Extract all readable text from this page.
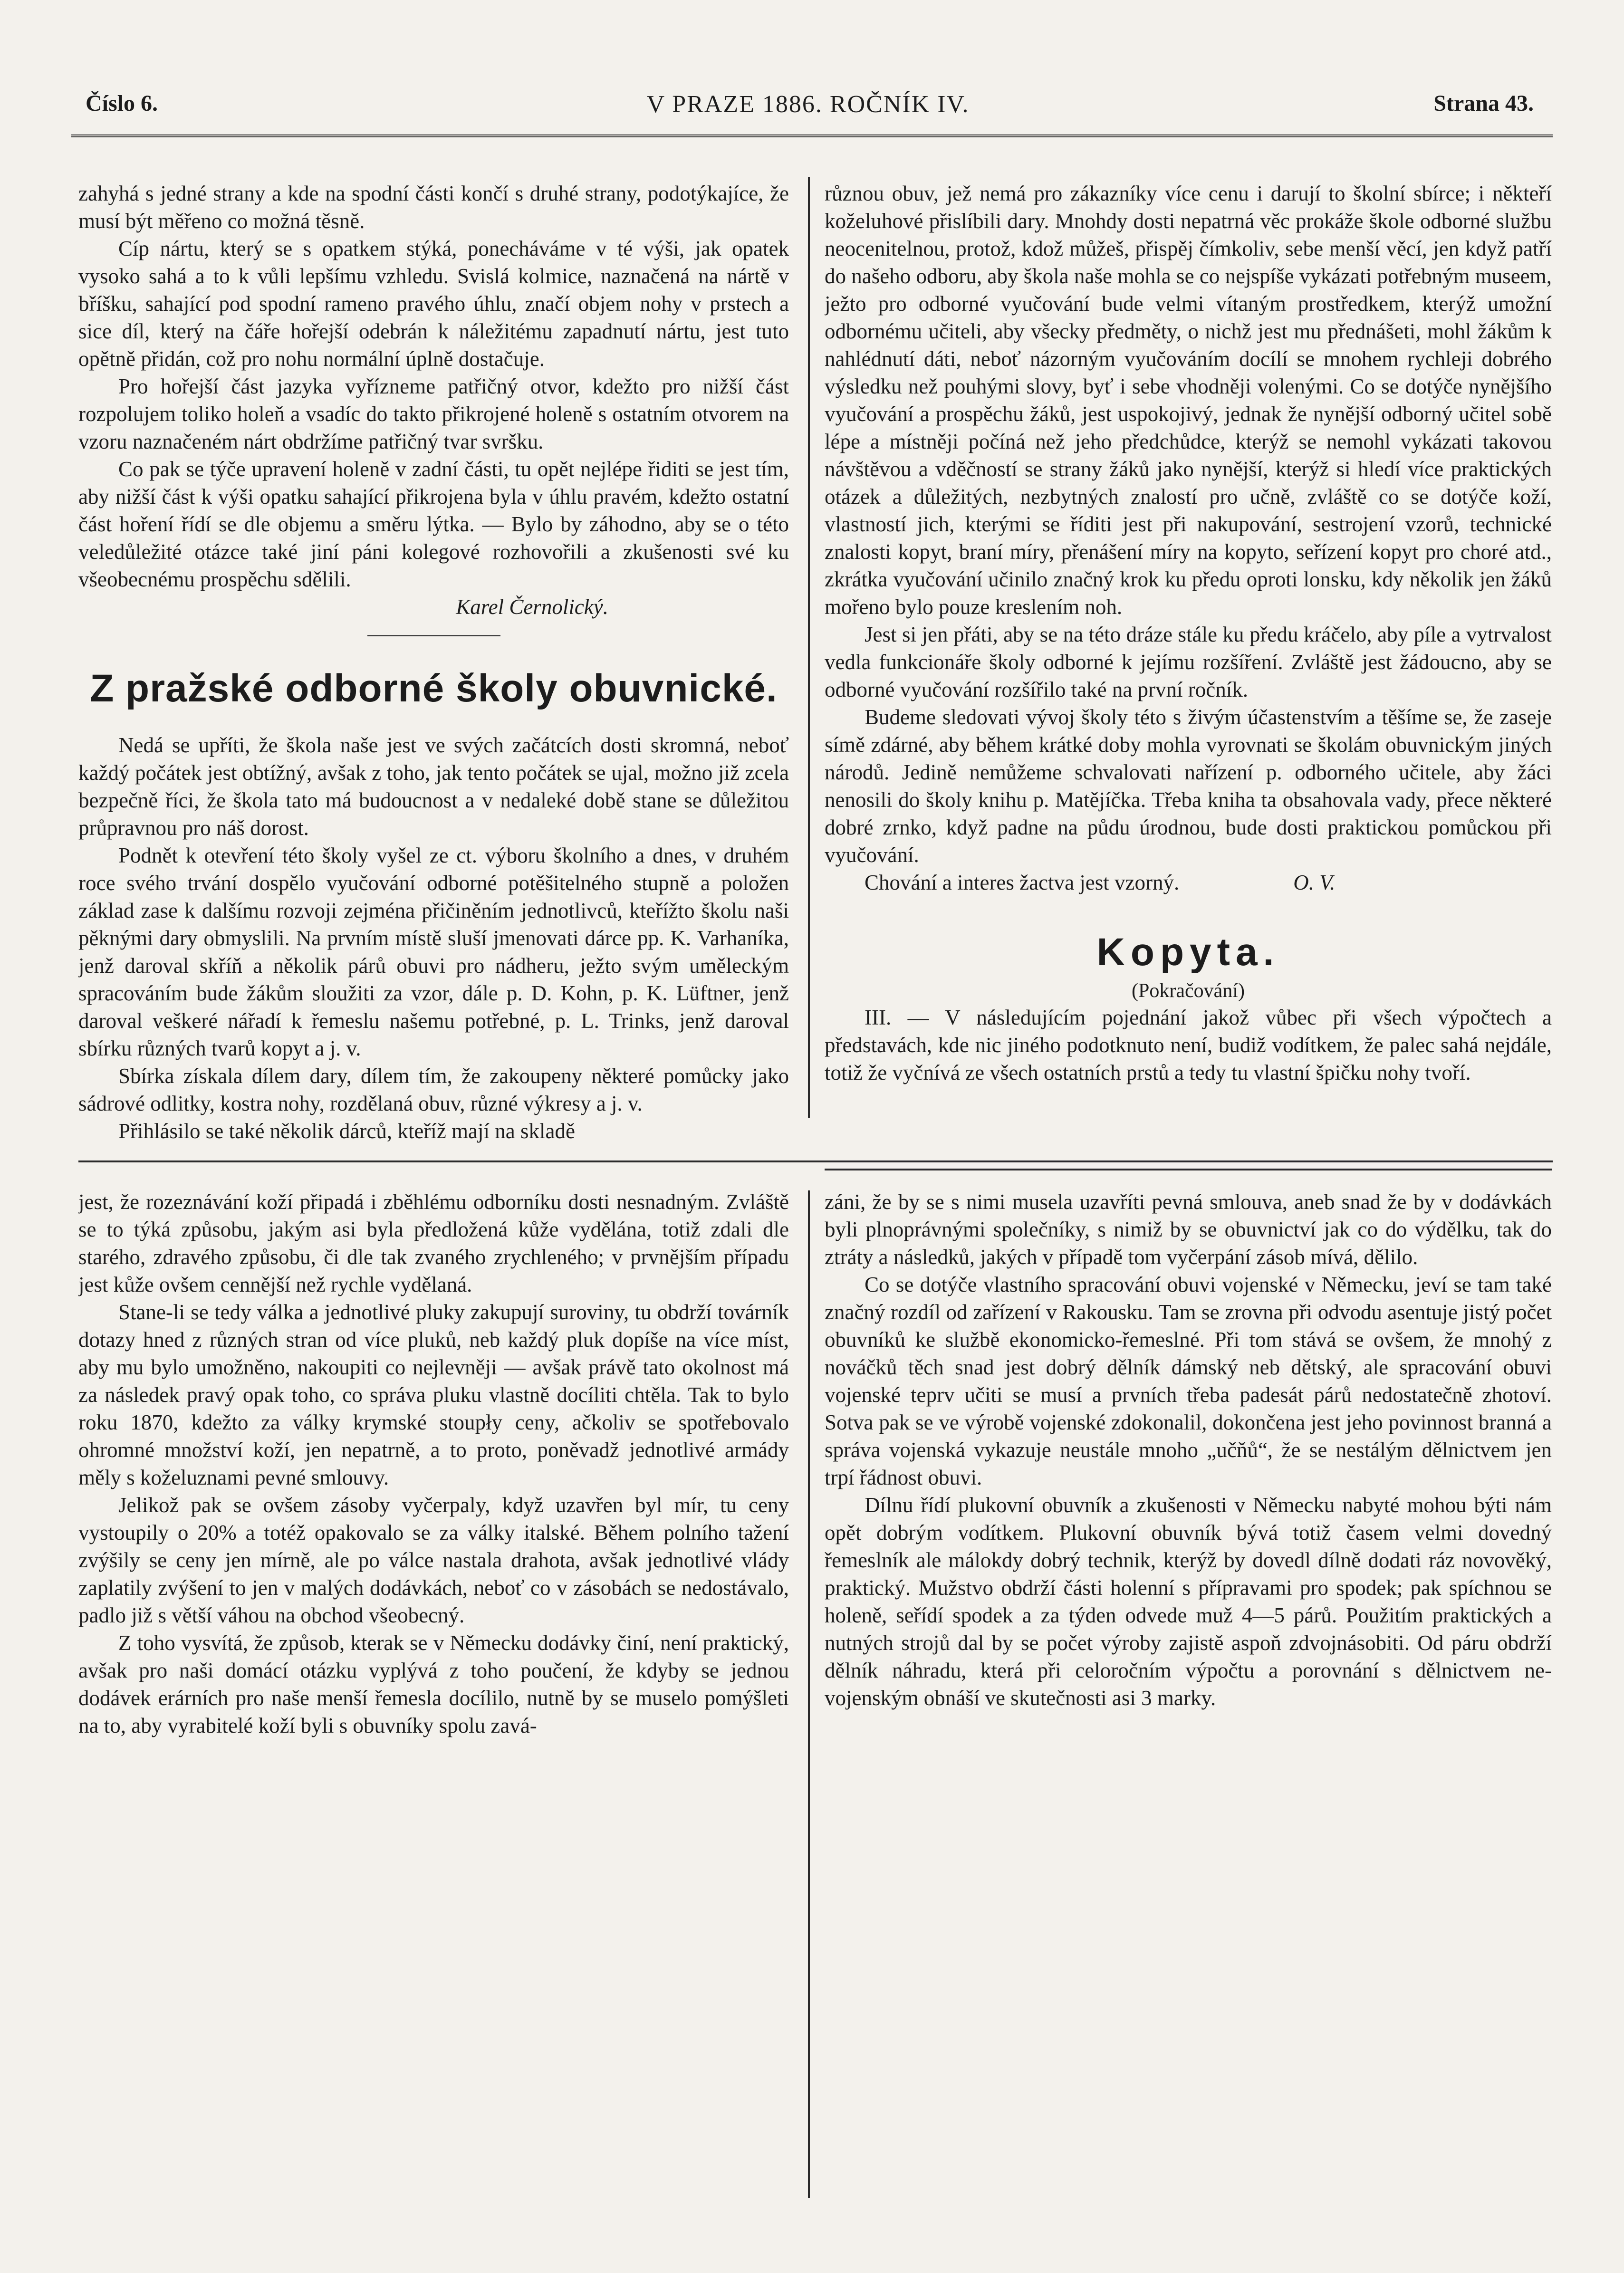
Číslo 6.	V PRAZE 1886. ROČNÍK IV.	Strana 43.

zahyhá s jedné strany a kde na spodní části končí s druhé strany, podotýkajíce, že musí být měřeno co možná těsně.

Cíp nártu, který se s opatkem stýká, ponecháváme v té výši, jak opatek vysoko sahá a to k vůli lepšímu vzhledu. Svislá kolmice, naznačená na nártě v bříšku, sahající pod spodní rameno pravého úhlu, značí objem nohy v prstech a sice díl, který na čáře hořejší odebrán k náležitému zapadnutí nártu, jest tuto opětně přidán, což pro nohu normální úplně dostačuje.

Pro hořejší část jazyka vyřízneme patřičný otvor, kdežto pro nižší část rozpolujem toliko holeň a vsadíc do takto přikrojené holeně s ostatním otvorem na vzoru naznačeném nárt obdržíme patřičný tvar svršku.

Co pak se týče upravení holeně v zadní části, tu opět nejlépe řiditi se jest tím, aby nižší část k výši opatku sahající přikrojena byla v úhlu pravém, kdežto ostatní část hoření řídí se dle objemu a směru lýtka. — Bylo by záhodno, aby se o této veledůležité otázce také jiní páni kolegové rozhovořili a zkušenosti své ku všeobecnému prospěchu sdělili.

Karel Černolický.

Z pražské odborné školy obuvnické.

Nedá se upříti, že škola naše jest ve svých začátcích dosti skromná, neboť každý počátek jest obtížný, avšak z toho, jak tento počátek se ujal, možno již zcela bezpečně říci, že škola tato má budoucnost a v nedaleké době stane se důležitou průpravnou pro náš dorost.

Podnět k otevření této školy vyšel ze ct. výboru školního a dnes, v druhém roce svého trvání dospělo vyučování odborné potěšitelného stupně a položen základ zase k dalšímu rozvoji zejména přičiněním jednotlivců, kteřížto školu naši pěknými dary obmyslili. Na prvním místě sluší jmenovati dárce pp. K. Varhaníka, jenž daroval skříň a několik párů obuvi pro nádheru, ježto svým uměleckým spracováním bude žákům sloužiti za vzor, dále p. D. Kohn, p. K. Lüftner, jenž daroval veškeré nářadí k řemeslu našemu potřebné, p. L. Trinks, jenž daroval sbírku různých tvarů kopyt a j. v.

Sbírka získala dílem dary, dílem tím, že zakoupeny některé pomůcky jako sádrové odlitky, kostra nohy, rozdělaná obuv, různé výkresy a j. v.

Přihlásilo se také několik dárců, kteříž mají na skladě

různou obuv, jež nemá pro zákazníky více cenu i darují to školní sbírce; i někteří koželuhové přislíbili dary. Mnohdy dosti nepatrná věc prokáže škole odborné službu neocenitelnou, protož, kdož můžeš, přispěj čímkoliv, sebe menší věcí, jen když patří do našeho odboru, aby škola naše mohla se co nejspíše vykázati potřebným museem, ježto pro odborné vyučování bude velmi vítaným prostředkem, kterýž umožní odbornému učiteli, aby všecky předměty, o nichž jest mu přednášeti, mohl žákům k nahlédnutí dáti, neboť názorným vyučováním docílí se mnohem rychleji dobrého výsledku než pouhými slovy, byť i sebe vhodněji volenými. Co se dotýče nynějšího vyučování a prospěchu žáků, jest uspokojivý, jednak že nynější odborný učitel sobě lépe a místněji počíná než jeho předchůdce, kterýž se nemohl vykázati takovou návštěvou a vděčností se strany žáků jako nynější, kterýž si hledí více praktických otázek a důležitých, nezbytných znalostí pro učně, zvláště co se dotýče koží, vlastností jich, kterými se říditi jest při nakupování, sestrojení vzorů, technické znalosti kopyt, braní míry, přenášení míry na kopyto, seřízení kopyt pro choré atd., zkrátka vyučování učinilo značný krok ku předu oproti lonsku, kdy několik jen žáků mořeno bylo pouze kreslením noh.

Jest si jen přáti, aby se na této dráze stále ku předu kráčelo, aby píle a vytrvalost vedla funkcionáře školy odborné k jejímu rozšíření. Zvláště jest žádoucno, aby se odborné vyučování rozšířilo také na první ročník.

Budeme sledovati vývoj školy této s živým účastenstvím a těšíme se, že zaseje símě zdárné, aby během krátké doby mohla vyrovnati se školám obuvnickým jiných národů. Jedině nemůžeme schvalovati nařízení p. odborného učitele, aby žáci nenosili do školy knihu p. Matějíčka. Třeba kniha ta obsahovala vady, přece některé dobré zrnko, když padne na půdu úrodnou, bude dosti praktickou pomůckou při vyučování.

Chování a interes žactva jest vzorný.	O. V.

Kopyta.

(Pokračování)

III. — V následujícím pojednání jakož vůbec při všech výpočtech a představách, kde nic jiného podotknuto není, budiž vodítkem, že palec sahá nejdále, totiž že vyčnívá ze všech ostatních prstů a tedy tu vlastní špičku nohy tvoří.

jest, že rozeznávání koží připadá i zběhlému odborníku dosti nesnadným. Zvláště se to týká způsobu, jakým asi byla předložená kůže vydělána, totiž zdali dle starého, zdravého způsobu, či dle tak zvaného zrychleného; v prvnějším případu jest kůže ovšem cennější než rychle vydělaná.

Stane-li se tedy válka a jednotlivé pluky zakupují suroviny, tu obdrží továrník dotazy hned z různých stran od více pluků, neb každý pluk dopíše na více míst, aby mu bylo umožněno, nakoupiti co nejlevněji — avšak právě tato okolnost má za následek pravý opak toho, co správa pluku vlastně docíliti chtěla. Tak to bylo roku 1870, kdežto za války krymské stoupły ceny, ačkoliv se spotřebovalo ohromné množství koží, jen nepatrně, a to proto, poněvadž jednotlivé armády měly s koželuznami pevné smlouvy.

Jelikož pak se ovšem zásoby vyčerpaly, když uzavřen byl mír, tu ceny vystoupily o 20% a totéž opakovalo se za války italské. Během polního tažení zvýšily se ceny jen mírně, ale po válce nastala drahota, avšak jednotlivé vlády zaplatily zvýšení to jen v malých dodávkách, neboť co v zásobách se nedostávalo, padlo již s větší váhou na obchod všeobecný.

Z toho vysvítá, že způsob, kterak se v Německu dodávky činí, není praktický, avšak pro naši domácí otázku vyplývá z toho poučení, že kdyby se jednou dodávek erárních pro naše menší řemesla docílilo, nutně by se muselo pomýšleti na to, aby vyrabitelé koží byli s obuvníky spolu zavá-

záni, že by se s nimi musela uzavříti pevná smlouva, aneb snad že by v dodávkách byli plnoprávnými společníky, s nimiž by se obuvnictví jak co do výdělku, tak do ztráty a následků, jakých v případě tom vyčerpání zásob mívá, dělilo.

Co se dotýče vlastního spracování obuvi vojenské v Německu, jeví se tam také značný rozdíl od zařízení v Rakousku. Tam se zrovna při odvodu asentuje jistý počet obuvníků ke službě ekonomicko-řemeslné. Při tom stává se ovšem, že mnohý z nováčků těch snad jest dobrý dělník dámský neb dětský, ale spracování obuvi vojenské teprv učiti se musí a prvních třeba padesát párů nedostatečně zhotoví. Sotva pak se ve výrobě vojenské zdokonalil, dokončena jest jeho povinnost branná a správa vojenská vykazuje neustále mnoho „učňů“, že se nestálým dělnictvem jen trpí řádnost obuvi.

Dílnu řídí plukovní obuvník a zkušenosti v Německu nabyté mohou býti nám opět dobrým vodítkem. Plukovní obuvník bývá totiž časem velmi dovedný řemeslník ale málokdy dobrý technik, kterýž by dovedl dílně dodati ráz novověký, praktický. Mužstvo obdrží části holenní s přípravami pro spodek; pak spíchnou se holeně, seřídí spodek a za týden odvede muž 4—5 párů. Použitím praktických a nutných strojů dal by se počet výroby zajistě aspoň zdvojnásobiti. Od páru obdrží dělník náhradu, která při celoročním výpočtu a porovnání s dělnictvem ne-vojenským obnáší ve skutečnosti asi 3 marky.
